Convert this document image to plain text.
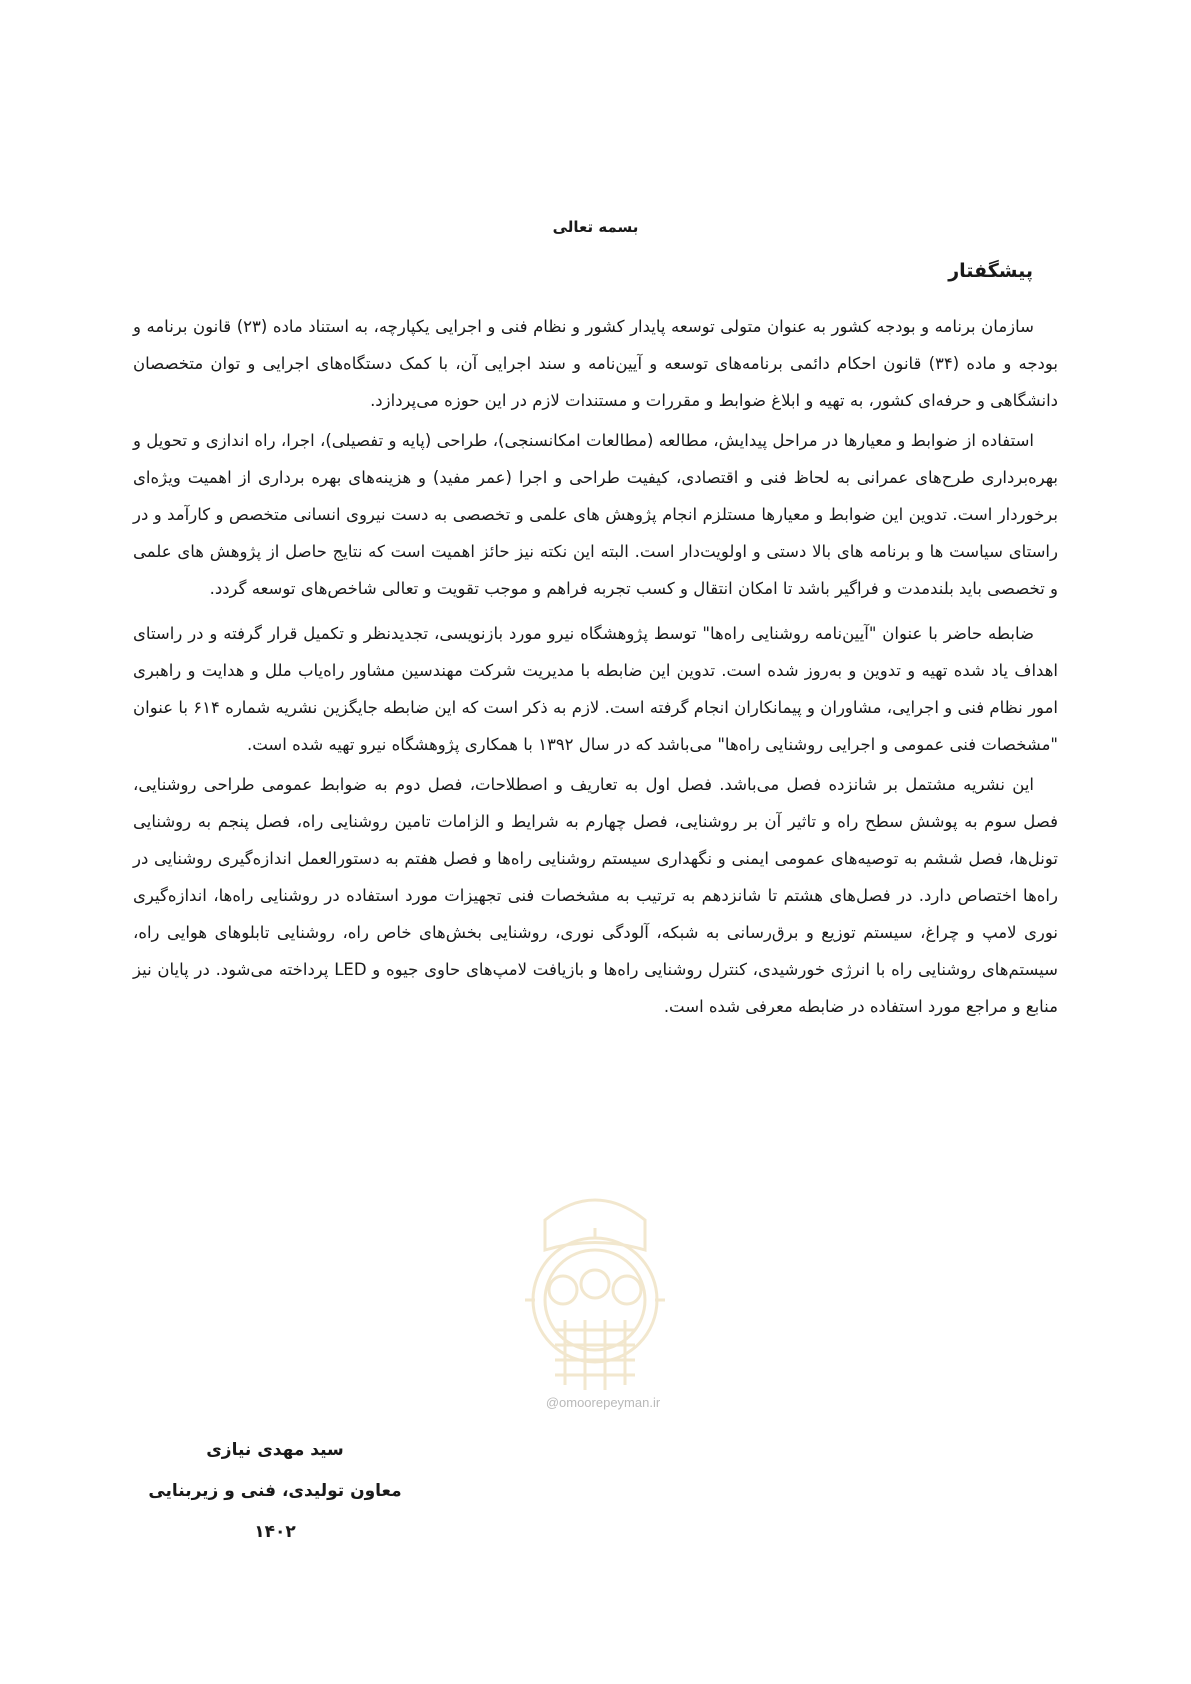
بسمه تعالی
پیشگفتار

سازمان برنامه و بودجه کشور به عنوان متولی توسعه پایدار کشور و نظام فنی و اجرایی یکپارچه، به استناد ماده (۲۳) قانون برنامه و بودجه و ماده (۳۴) قانون احکام دائمی برنامه‌های توسعه و آیین‌نامه و سند اجرایی آن، با کمک دستگاه‌های اجرایی و توان متخصصان دانشگاهی و حرفه‌ای کشور، به تهیه و ابلاغ ضوابط و مقررات و مستندات لازم در این حوزه می‌پردازد.

استفاده از ضوابط و معیارها در مراحل پیدایش، مطالعه (مطالعات امکانسنجی)، طراحی (پایه و تفصیلی)، اجرا، راه اندازی و تحویل و بهره‌برداری طرح‌های عمرانی به لحاظ فنی و اقتصادی، کیفیت طراحی و اجرا (عمر مفید) و هزینه‌های بهره برداری از اهمیت ویژه‌ای برخوردار است. تدوین این ضوابط و معیارها مستلزم انجام پژوهش های علمی و تخصصی به دست نیروی انسانی متخصص و کارآمد و در راستای سیاست ها و برنامه های بالا دستی و اولویت‌دار است. البته این نکته نیز حائز اهمیت است که نتایج حاصل از پژوهش های علمی و تخصصی باید بلندمدت و فراگیر باشد تا امکان انتقال و کسب تجربه فراهم و موجب تقویت و تعالی شاخص‌های توسعه گردد.

ضابطه حاضر با عنوان "آیین‌نامه روشنایی راه‌ها" توسط پژوهشگاه نیرو مورد بازنویسی، تجدیدنظر و تکمیل قرار گرفته و در راستای اهداف یاد شده تهیه و تدوین و به‌روز شده است. تدوین این ضابطه با مدیریت شرکت مهندسین مشاور راه‌یاب ملل و هدایت و راهبری امور نظام فنی و اجرایی، مشاوران و پیمانکاران انجام گرفته است. لازم به ذکر است که این ضابطه جایگزین نشریه شماره ۶۱۴ با عنوان "مشخصات فنی عمومی و اجرایی روشنایی راه‌ها" می‌باشد که در سال ۱۳۹۲ با همکاری پژوهشگاه نیرو تهیه شده است.

این نشریه مشتمل بر شانزده فصل می‌باشد. فصل اول به تعاریف و اصطلاحات، فصل دوم به ضوابط عمومی طراحی روشنایی، فصل سوم به پوشش سطح راه و تاثیر آن بر روشنایی، فصل چهارم به شرایط و الزامات تامین روشنایی راه، فصل پنجم به روشنایی تونل‌ها، فصل ششم به توصیه‌های عمومی ایمنی و نگهداری سیستم روشنایی راه‌ها و فصل هفتم به دستورالعمل اندازه‌گیری روشنایی در راه‌ها اختصاص دارد. در فصل‌های هشتم تا شانزدهم به ترتیب به مشخصات فنی تجهیزات مورد استفاده در روشنایی راه‌ها، اندازه‌گیری نوری لامپ و چراغ، سیستم توزیع و برق‌رسانی به شبکه، آلودگی نوری، روشنایی بخش‌های خاص راه، روشنایی تابلوهای هوایی راه، سیستم‌های روشنایی راه با انرژی خورشیدی، کنترل روشنایی راه‌ها و بازیافت لامپ‌های حاوی جیوه و LED پرداخته می‌شود. در پایان نیز منابع و مراجع مورد استفاده در ضابطه معرفی شده است.

@omoorepeyman.ir
سید مهدی نیازی
معاون تولیدی، فنی و زیربنایی
۱۴۰۲
